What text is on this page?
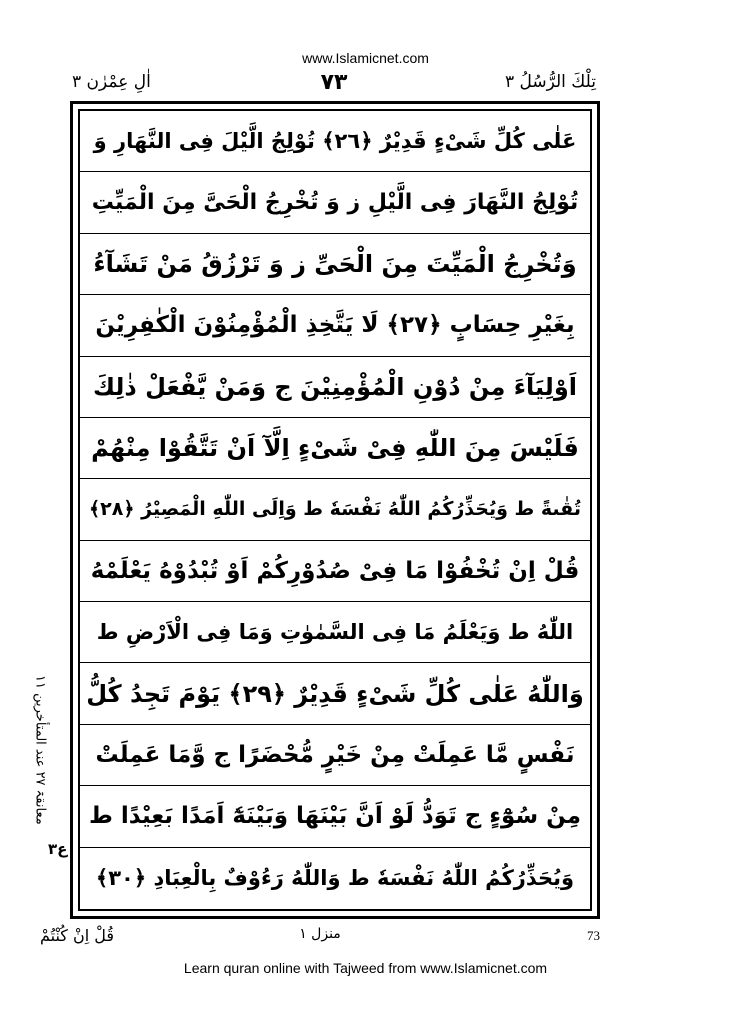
www.Islamicnet.com
اٰلِ عِمْرٰن ٣	٧٣	تِلْكَ الرُّسُلُ ٣
عَلٰى كُلِّ شَىْءٍ قَدِيْرٌ ﴿٢٦﴾ تُوْلِجُ الَّيْلَ فِى النَّهَارِ وَ
تُوْلِجُ النَّهَارَ فِى الَّيْلِ ز وَ تُخْرِجُ الْحَىَّ مِنَ الْمَيِّتِ
وَتُخْرِجُ الْمَيِّتَ مِنَ الْحَىِّ ز وَ تَرْزُقُ مَنْ تَشَآءُ
بِغَيْرِ حِسَابٍ ﴿٢٧﴾ لَا يَتَّخِذِ الْمُؤْمِنُوْنَ الْكٰفِرِيْنَ
اَوْلِيَآءَ مِنْ دُوْنِ الْمُؤْمِنِيْنَ ج وَمَنْ يَّفْعَلْ ذٰلِكَ
فَلَيْسَ مِنَ اللّٰهِ فِىْ شَىْءٍ اِلَّآ اَنْ تَتَّقُوْا مِنْهُمْ
تُقٰىةً ط وَيُحَذِّرُكُمُ اللّٰهُ نَفْسَهٗ ط وَاِلَى اللّٰهِ الْمَصِيْرُ ﴿٢٨﴾
قُلْ اِنْ تُخْفُوْا مَا فِىْ صُدُوْرِكُمْ اَوْ تُبْدُوْهُ يَعْلَمْهُ
اللّٰهُ ط وَيَعْلَمُ مَا فِى السَّمٰوٰتِ وَمَا فِى الْاَرْضِ ط
وَاللّٰهُ عَلٰى كُلِّ شَىْءٍ قَدِيْرٌ ﴿٢٩﴾ يَوْمَ تَجِدُ كُلُّ
نَفْسٍ مَّا عَمِلَتْ مِنْ خَيْرٍ مُّحْضَرًا ج وَّمَا عَمِلَتْ
مِنْ سُوْٓءٍ ج تَوَدُّ لَوْ اَنَّ بَيْنَهَا وَبَيْنَهٗٓ اَمَدًا بَعِيْدًا ط
وَيُحَذِّرُكُمُ اللّٰهُ نَفْسَهٗ ط وَاللّٰهُ رَءُوْفٌ بِالْعِبَادِ ﴿٣٠﴾
معانقۃ ٢٧ عند المتأخرين ١١
ع٣
قُلْ اِنْ كُنْتُمْ	منزل ١	73
Learn quran online with Tajweed from www.Islamicnet.com
